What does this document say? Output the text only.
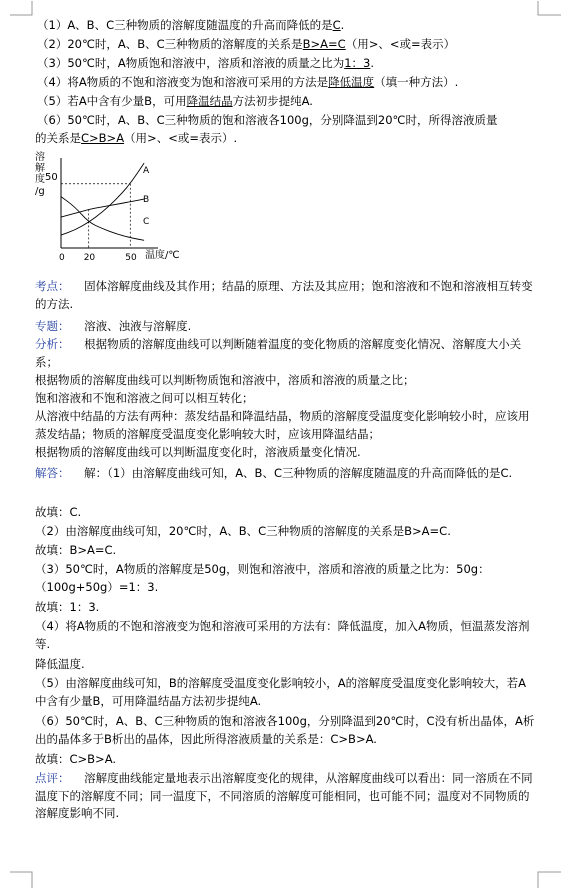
（1）A、B、C三种物质的溶解度随温度的升高而降低的是C.
（2）20℃时，A、B、C三种物质的溶解度的关系是B>A=C（用>、<或=表示）
（3）50℃时，A物质饱和溶液中，溶质和溶液的质量之比为1：3.
（4）将A物质的不饱和溶液变为饱和溶液可采用的方法是降低温度（填一种方法）.
（5）若A中含有少量B，可用降温结晶方法初步提纯A.
（6）50℃时，A、B、C三种物质的饱和溶液各100g，分别降温到20℃时，所得溶液质量
的关系是C>B>A（用>、<或=表示）.
溶
解
度
/g
50
A
B
C
0 20	50 温度/℃
考点： 固体溶解度曲线及其作用；结晶的原理、方法及其应用；饱和溶液和不饱和溶液相互转变的方法.
专题： 溶液、浊液与溶解度.
分析： 根据物质的溶解度曲线可以判断随着温度的变化物质的溶解度变化情况、溶解度大小关系；
根据物质的溶解度曲线可以判断物质饱和溶液中，溶质和溶液的质量之比；
饱和溶液和不饱和溶液之间可以相互转化；
从溶液中结晶的方法有两种：蒸发结晶和降温结晶，物质的溶解度受温度变化影响较小时，应该用蒸发结晶；物质的溶解度受温度变化影响较大时，应该用降温结晶；
根据物质的溶解度曲线可以判断温度变化时，溶液质量变化情况.
解答： 解：（1）由溶解度曲线可知，A、B、C三种物质的溶解度随温度的升高而降低的是C.
故填：C.
（2）由溶解度曲线可知，20℃时，A、B、C三种物质的溶解度的关系是B>A=C.
故填：B>A=C.
（3）50℃时，A物质的溶解度是50g，则饱和溶液中，溶质和溶液的质量之比为：50g：（100g+50g）=1：3.
故填：1：3.
（4）将A物质的不饱和溶液变为饱和溶液可采用的方法有：降低温度，加入A物质，恒温蒸发溶剂等.
降低温度.
（5）由溶解度曲线可知，B的溶解度受温度变化影响较小，A的溶解度受温度变化影响较大，若A中含有少量B，可用降温结晶方法初步提纯A.
（6）50℃时，A、B、C三种物质的饱和溶液各100g，分别降温到20℃时，C没有析出晶体，A析出的晶体多于B析出的晶体，因此所得溶液质量的关系是：C>B>A.
故填：C>B>A.
点评： 溶解度曲线能定量地表示出溶解度变化的规律，从溶解度曲线可以看出：同一溶质在不同温度下的溶解度不同；同一温度下，不同溶质的溶解度可能相同，也可能不同；温度对不同物质的溶解度影响不同.
